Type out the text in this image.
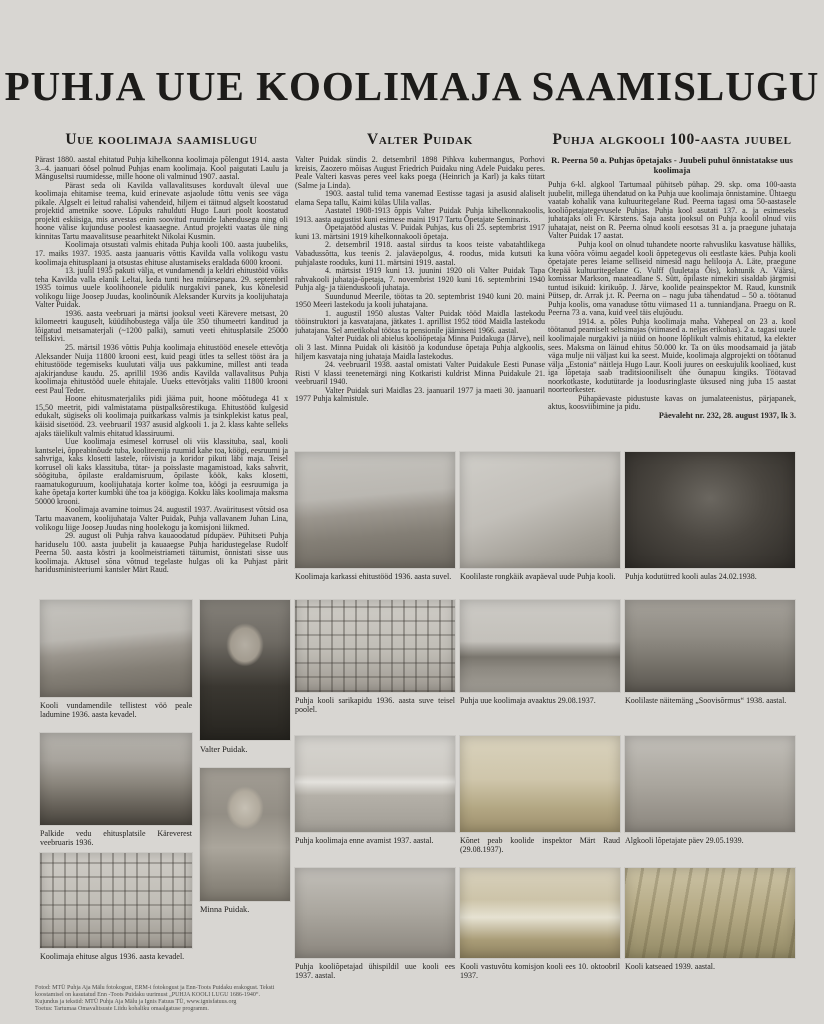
PUHJA UUE KOOLIMAJA SAAMISLUGU
Uue koolimaja saamislugu

Pärast 1880. aastal ehitatud Puhja kihelkonna koolimaja põlengut 1914. aasta 3.–4. jaanuari öösel polnud Puhjas enam koolimaja. Kool paigutati Laulu ja Mänguseltsi ruumidesse, mille hoone oli valminud 1907. aastal.

Pärast seda oli Kavilda vallavalitsuses korduvalt üleval uue koolimaja ehitamise teema, kuid erinevate asjaolude tõttu venis see väga pikale. Algselt ei leitud rahalisi vahendeid, hiljem ei täitnud algselt koostatud projektid ametnike soove. Lõpuks rahulduti Hugo Lauri poolt koostatud projekti eskiisiga, mis arvestas enim soovitud ruumide lahendusega ning oli hoone välise kujunduse poolest kaasaegne. Antud projekti vaatas üle ning kinnitas Tartu maavalitsuse peaarhitekt Nikolai Kusmin.

Koolimaja otsustati valmis ehitada Puhja kooli 100. aasta juubeliks, 17. maiks 1937. 1935. aasta jaanuaris võttis Kavilda valla volikogu vastu koolimaja ehitusplaani ja otsustas ehituse alustamiseks eraldada 6000 krooni.

13. juulil 1935 pakuti välja, et vundamendi ja keldri ehitustöid võiks teha Kavilda valla elanik Leltai, keda tunti hea müürsepana. 29. septembril 1935 toimus uuele koolihoonele pidulik nurgakivi panek, kus kõnelesid volikogu liige Joosep Juudas, koolinõunik Aleksander Kurvits ja koolijuhataja Valter Puidak.

1936. aasta veebruari ja märtsi jooksul veeti Kärevere metsast, 20 kilomeetri kauguselt, küüdihobustega välja üle 350 tihumeetri kanditud ja lõigatud metsamaterjali (~1200 palki), samuti veeti ehitusplatsile 25000 telliskivi.

25. märtsil 1936 võttis Puhja koolimaja ehitustööd enesele ettevõtja Aleksander Nuija 11800 krooni eest, kuid peagi ütles ta sellest tööst ära ja ehitustööde tegemiseks kuulutati välja uus pakkumine, millest anti teada ajakirjanduse kaudu. 25. aprillil 1936 andis Kavilda vallavalitsus Puhja koolimaja ehitustööd uuele ehitajale. Uueks ettevõtjaks valiti 11800 krooni eest Paul Teder.

Hoone ehitusmaterjaliks pidi jääma puit, hoone mõõtudega 41 x 15,50 meetrit, pidi valmistatama püstpalksõrestikuga. Ehitustööd kulgesid edukalt, sügiseks oli koolimaja puitkarkass valmis ja tsinkplekist katus peal, käisid sisetööd. 23. veebruaril 1937 asusid algkooli 1. ja 2. klass kahte selleks ajaks täielikult valmis ehitatud klassiruumi.

Uue koolimaja esimesel korrusel oli viis klassituba, saal, kooli kantselei, õppeabinõude tuba, kooliteenija ruumid kahe toa, köögi, eesruumi ja sahvriga, kaks klosetti lastele, rõivistu ja koridor pikuti läbi maja. Teisel korrusel oli kaks klassituba, tütar- ja poisslaste magamistoad, kaks sahvrit, söögituba, õpilaste eraldamisruum, õpilaste köök, kaks klosetti, raamatukoguruum, koolijuhataja korter kolme toa, köögi ja eesruumiga ja kahe õpetaja korter kumbki ühe toa ja köögiga. Kokku läks koolimaja maksma 50000 krooni.

Koolimaja avamine toimus 24. augustil 1937. Avaüritusest võtsid osa Tartu maavanem, koolijuhataja Valter Puidak, Puhja vallavanem Juhan Lina, volikogu liige Joosep Juudas ning hoolekogu ja komisjoni liikmed.

29. august oli Puhja rahva kauaoodatud pidupäev. Pühitseti Puhja hariduselu 100. aasta juubelit ja kauaaegse Puhja haridustegelase Rudolf Peerna 50. aasta köstri ja koolmeistriameti täitumist, õnnistati sisse uus koolimaja. Aktusel sõna võtnud tegelaste hulgas oli ka Puhjast pärit haridusministeeriumi kantsler Märt Raud.

Valter Puidak

Valter Puidak sündis 2. detsembril 1898 Pihkva kubermangus, Porhovi kreisis, Zaozero mõisas August Friedrich Puidaku ning Adele Puidaku peres. Peale Valteri kasvas peres veel kaks poega (Heinrich ja Karl) ja kaks tütart (Salme ja Linda).

1903. aastal tulid tema vanemad Eestisse tagasi ja asusid alaliselt elama Sepa tallu, Kaimi külas Ulila vallas.

Aastatel 1908-1913 õppis Valter Puidak Puhja kihelkonnakoolis, 1913. aasta augustist kuni esimese maini 1917 Tartu Õpetajate Seminaris.

Õpetajatööd alustas V. Puidak Puhjas, kus oli 25. septembrist 1917 kuni 13. märtsini 1919 kihelkonnakooli õpetaja.

2. detsembril 1918. aastal siirdus ta koos teiste vabatahtlikega Vabadussõtta, kus teenis 2. jalaväepolgus, 4. roodus, mida kutsuti ka puhjalaste rooduks, kuni 11. märtsini 1919. aastal.

4. märtsist 1919 kuni 13. juunini 1920 oli Valter Puidak Tapa rahvakooli juhataja-õpetaja, 7. novembrist 1920 kuni 16. septembrini 1940 Puhja alg- ja täienduskooli juhataja.

Suundunud Meerile, töötas ta 20. septembrist 1940 kuni 20. maini 1950 Meeri lastekodu ja kooli juhatajana.

1. augustil 1950 alustas Valter Puidak tööd Maidla lastekodu tööinstruktori ja kasvatajana, jätkates 1. aprillist 1952 tööd Maidla lastekodu juhatajana. Sel ametikohal töötas ta pensionile jäämiseni 1966. aastal.

Valter Puidak oli abielus kooliõpetaja Minna Puidakuga (Järve), neil oli 3 last. Minna Puidak oli käsitöö ja kodunduse õpetaja Puhja algkoolis, hiljem kasvataja ning juhataja Maidla lastekodus.

24. veebruaril 1938. aastal omistati Valter Puidakule Eesti Punase Risti V klassi teenetemärgi ning Kotkaristi kuldrist Minna Puidakule 21. veebruaril 1940.

Valter Puidak suri Maidlas 23. jaanuaril 1977 ja maeti 30. jaanuaril 1977 Puhja kalmistule.

Puhja algkooli 100-aasta juubel
R. Peerna 50 a. Puhjas õpetajaks - Juubeli puhul õnnistatakse uus koolimaja

Puhja 6-kl. algkool Tartumaal pühitseb pühap. 29. skp. oma 100-aasta juubelit, millega ühendatud on ka Puhja uue koolimaja õnnistamine. Ühtaegu vaatab kohalik vana kultuuritegelane Rud. Peerna tagasi oma 50-aastasele kooliõpetajategevusele Puhjas. Puhja kool asutati 137. a. ja esimeseks juhatajaks oli Fr. Kärstens. Saja aasta jooksul on Puhja koolil olnud viis juhatajat, neist on R. Peerna olnud kooli eesotsas 31 a. ja praegune juhataja Valter Puidak 17 aastat.

Puhja kool on olnud tuhandete noorte rahvusliku kasvatuse hälliks, kuna võõra võimu aegadel kooli õppetegevus oli eestlaste käes. Puhja kooli õpetajate peres leiame selliseid nimesid nagu helilooja A. Läte, praegune Otepää kultuuritegelane G. Vulff (luuletaja Õis), kohtunik A. Väärsi, komissar Markson, maateadlane S. Sütt, õpilaste nimekiri sisaldab järgmisi tuntud isikuid: kirikuõp. J. Järve, koolide peainspektor M. Raud, kunstnik Pütsep, dr. Arrak j.t. R. Peerna on – nagu juba tähendatud – 50 a. töötanud Puhja koolis, oma vanaduse tõttu viimased 11 a. tunniandjana. Praegu on R. Peerna 73 a. vana, kuid veel täis elujõudu.

1914. a. põles Puhja koolimaja maha. Vahepeal on 23 a. kool töötanud peamiselt seltsimajas (viimased a. neljas erikohas). 2 a. tagasi uuele koolimajale nurgakivi ja nüüd on hoone lõplikult valmis ehitatud, ka elekter sees. Maksma on läinud ehitus 50.000 kr. Ta on üks moodsamaid ja jätab väga mulje nii väljast kui ka seest. Muide, koolimaja algprojekti on töötanud välja „Estonia“ näitleja Hugo Laur. Kooli juures on eeskujulik kooliaed, kust iga lõpetaja saab traditsiooniliselt ühe õunapuu kingiks. Töötavad noorkotkaste, kodutütarde ja loodusringlaste üksused ning juba 15 aastat noorteorkester.

Pühapäevaste pidustuste kavas on jumalateenistus, pärjapanek, aktus, koosviibimine ja pidu.

Päevaleht nr. 232, 28. august 1937, lk 3.

Koolimaja karkassi ehitustööd 1936. aasta suvel.	Koolilaste rongkäik avapäeval uude Puhja kooli.	Puhja kodutütred kooli aulas 24.02.1938.
Puhja kooli sarikapidu 1936. aasta suve teisel poolel.
Puhja uue koolimaja avaaktus 29.08.1937.	Koolilaste näitemäng „Soovisõrmus“ 1938. aastal.
Puhja koolimaja enne avamist 1937. aastal.	Kõnet peab koolide inspektor Märt Raud (29.08.1937).
Algkooli lõpetajate päev 29.05.1939.
Puhja kooliõpetajad ühispildil uue kooli ees 1937. aastal.
Kooli vastuvõtu komisjon kooli ees 10. oktoobril 1937.
Kooli katseaed 1939. aastal.
Kooli vundamendile tellistest vöö peale ladumine 1936. aasta kevadel.
Palkide vedu ehitusplatsile Käreverest veebruaris 1936.
Koolimaja ehituse algus 1936. aasta kevadel.
Valter Puidak.
Minna Puidak.
Fotod: MTÜ Puhja Aja Mälu fotokogust, ERM-i fotokogust ja Enn-Toots Puidaku erakogust. Teksti
koostamisel on kasutatud Enn -Toots Puidaku uurimust „PUHJA KOOLI LUGU 1686-1940“.
Kujundus ja tekstid: MTÜ Puhja Aja Mälu ja Ignis Fatuus TÜ, www.ignisfatuus.org
Toetus: Tartumaa Omavalitsuste Liidu kohaliku omaalgatuse programm.
